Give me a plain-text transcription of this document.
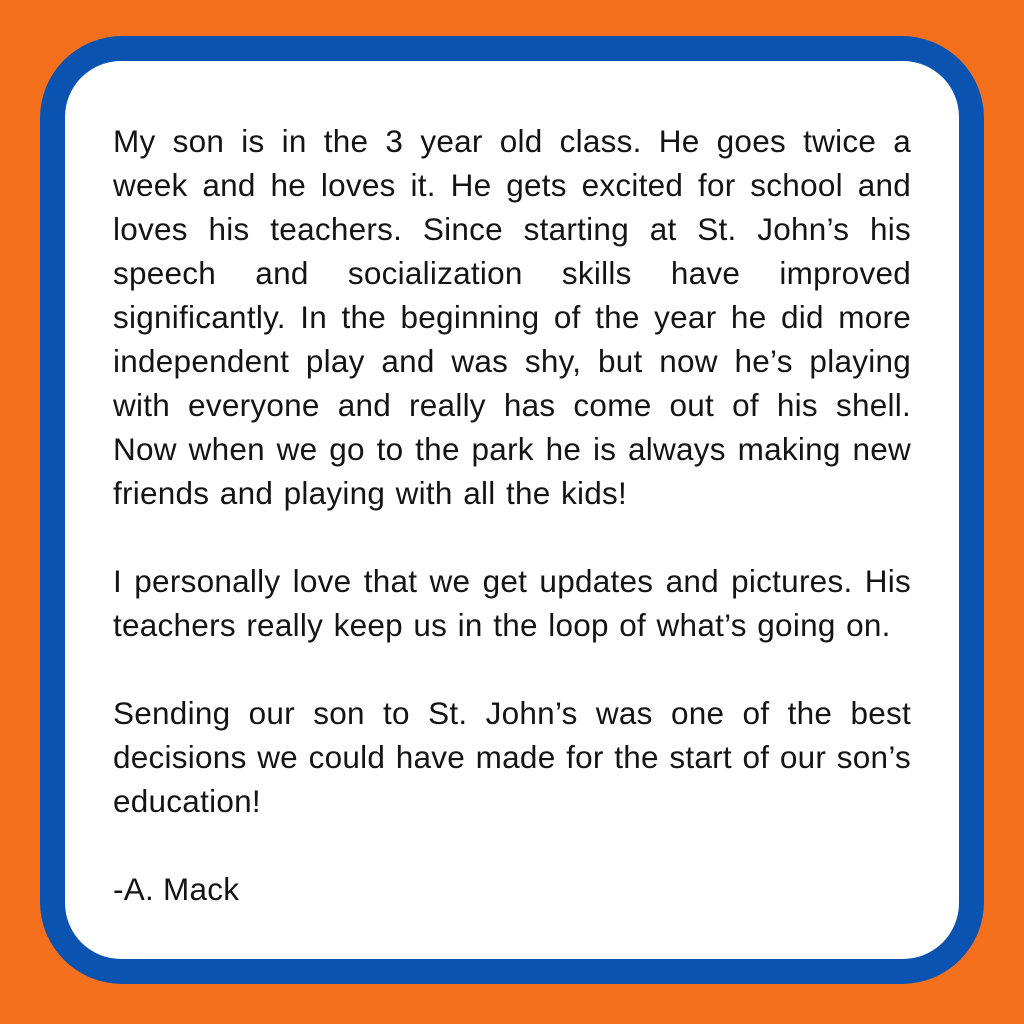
My son is in the 3 year old class. He goes twice a week and he loves it. He gets excited for school and loves his teachers. Since starting at St. John’s his speech and socialization skills have improved significantly. In the beginning of the year he did more independent play and was shy, but now he’s playing with everyone and really has come out of his shell. Now when we go to the park he is always making new friends and playing with all the kids!

I personally love that we get updates and pictures. His teachers really keep us in the loop of what’s going on.

Sending our son to St. John’s was one of the best decisions we could have made for the start of our son’s education!

-A. Mack
